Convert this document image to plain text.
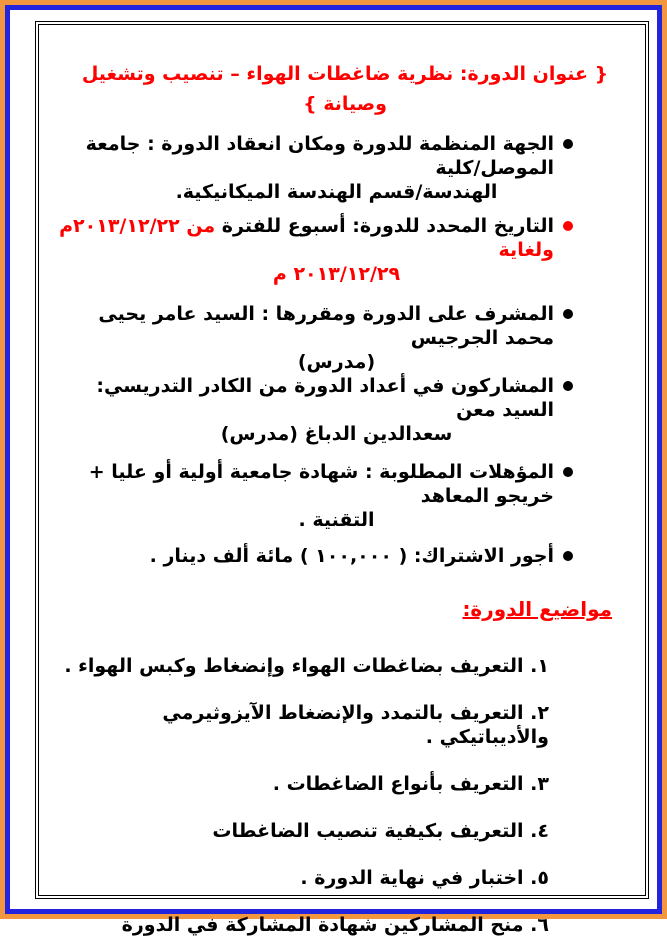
{ عنوان الدورة: نظرية ضاغطات الهواء – تنصيب وتشغيل وصيانة }
الجهة المنظمة للدورة ومكان انعقاد الدورة : جامعة الموصل/كلية
الهندسة/قسم الهندسة الميكانيكية.
التاريخ المحدد للدورة: أسبوع للفترة من ٢٠١٣/١٢/٢٢م ولغاية
٢٠١٣/١٢/٢٩ م
المشرف على الدورة ومقررها : السيد عامر يحيى محمد الجرجيس
(مدرس)
المشاركون في أعداد الدورة من الكادر التدريسي: السيد معن
سعدالدين الدباغ (مدرس)
المؤهلات المطلوبة : شهادة جامعية أولية أو عليا + خريجو المعاهد
التقنية .
أجور الاشتراك: ( ١٠٠,٠٠٠ ) مائة ألف دينار .
مواضيع الدورة:
١. التعريف بضاغطات الهواء وإنضغاط وكبس الهواء .
٢. التعريف بالتمدد والإنضغاط الآيزوثيرمي والأديباتيكي .
٣. التعريف بأنواع الضاغطات .
٤. التعريف بكيفية تنصيب الضاغطات
٥. اختبار في نهاية الدورة .
٦. منح المشاركين شهادة المشاركة في الدورة
